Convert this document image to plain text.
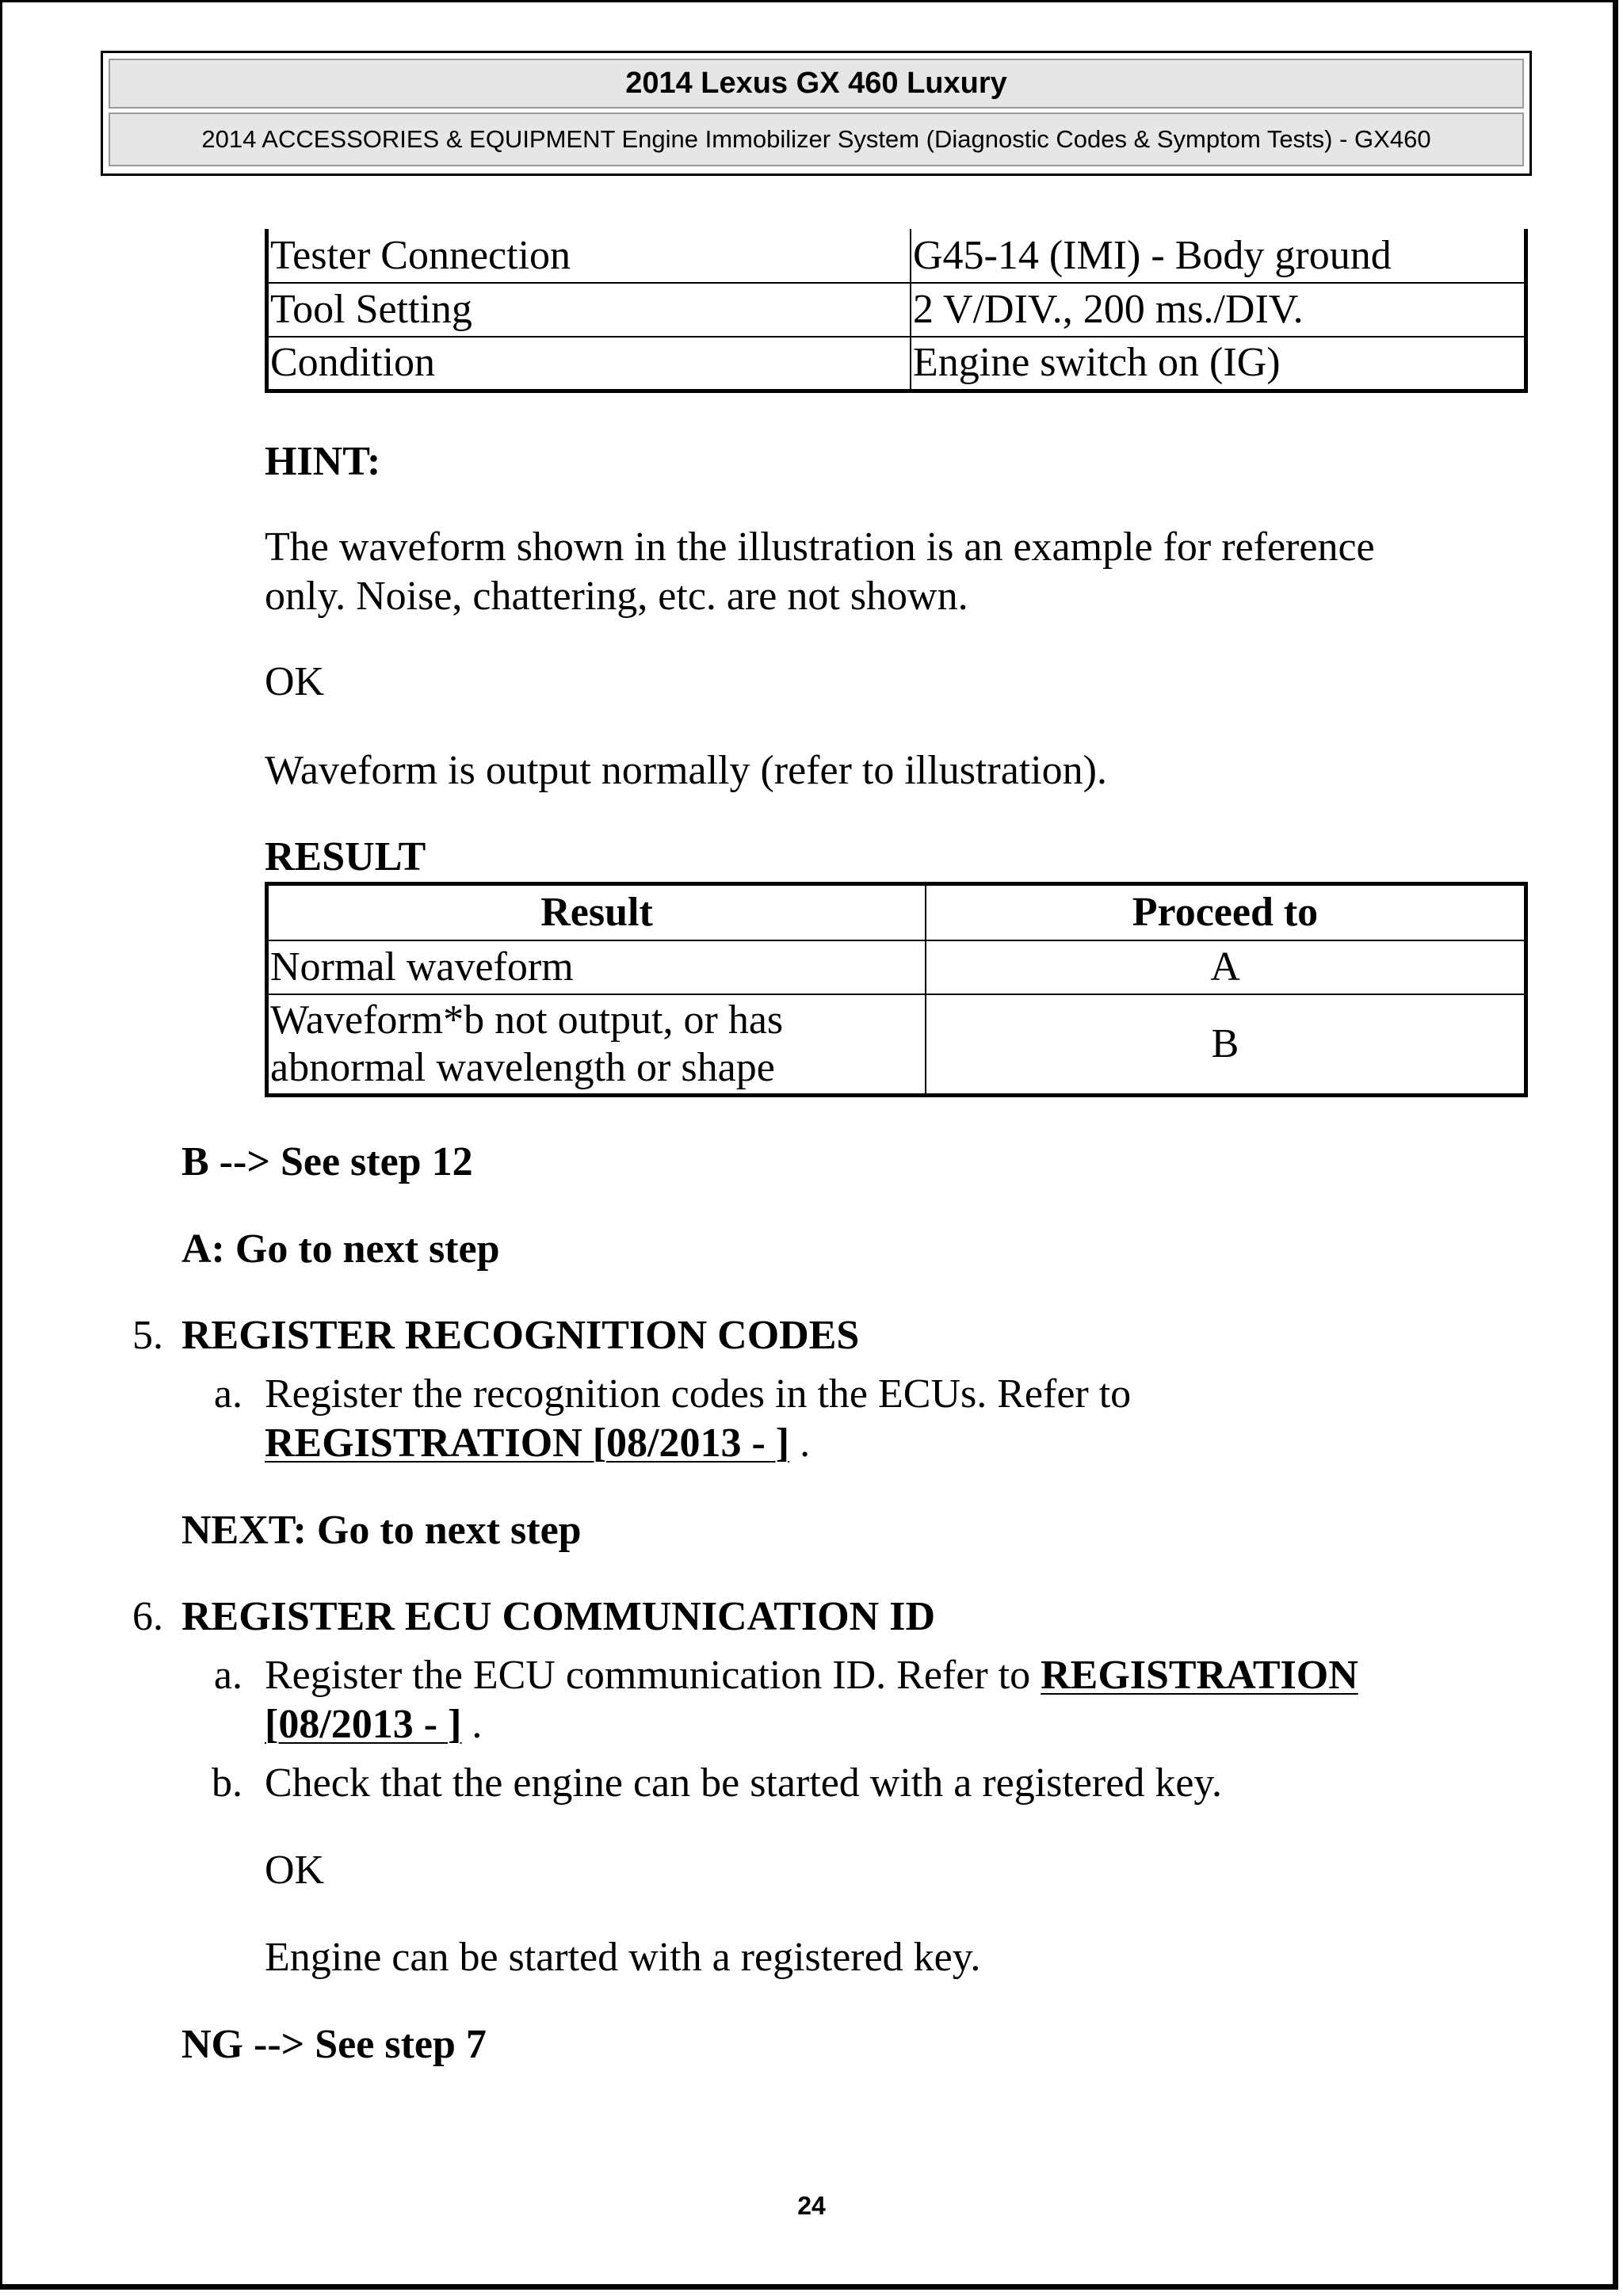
2014 Lexus GX 460 Luxury
2014 ACCESSORIES & EQUIPMENT Engine Immobilizer System (Diagnostic Codes & Symptom Tests) - GX460
Tester Connection	G45-14 (IMI) - Body ground
Tool Setting	2 V/DIV., 200 ms./DIV.
Condition	Engine switch on (IG)
HINT:
The waveform shown in the illustration is an example for reference
only. Noise, chattering, etc. are not shown.
OK
Waveform is output normally (refer to illustration).
RESULT
Result	Proceed to
Normal waveform	A

Waveform*b not output, or has
abnormal wavelength or shape	B
B --> See step 12
A: Go to next step
5. REGISTER RECOGNITION CODES
a. Register the recognition codes in the ECUs. Refer to
REGISTRATION [08/2013 - ] .
NEXT: Go to next step
6. REGISTER ECU COMMUNICATION ID
a. Register the ECU communication ID. Refer to REGISTRATION
[08/2013 - ] .
b. Check that the engine can be started with a registered key.
OK
Engine can be started with a registered key.
NG --> See step 7
24
